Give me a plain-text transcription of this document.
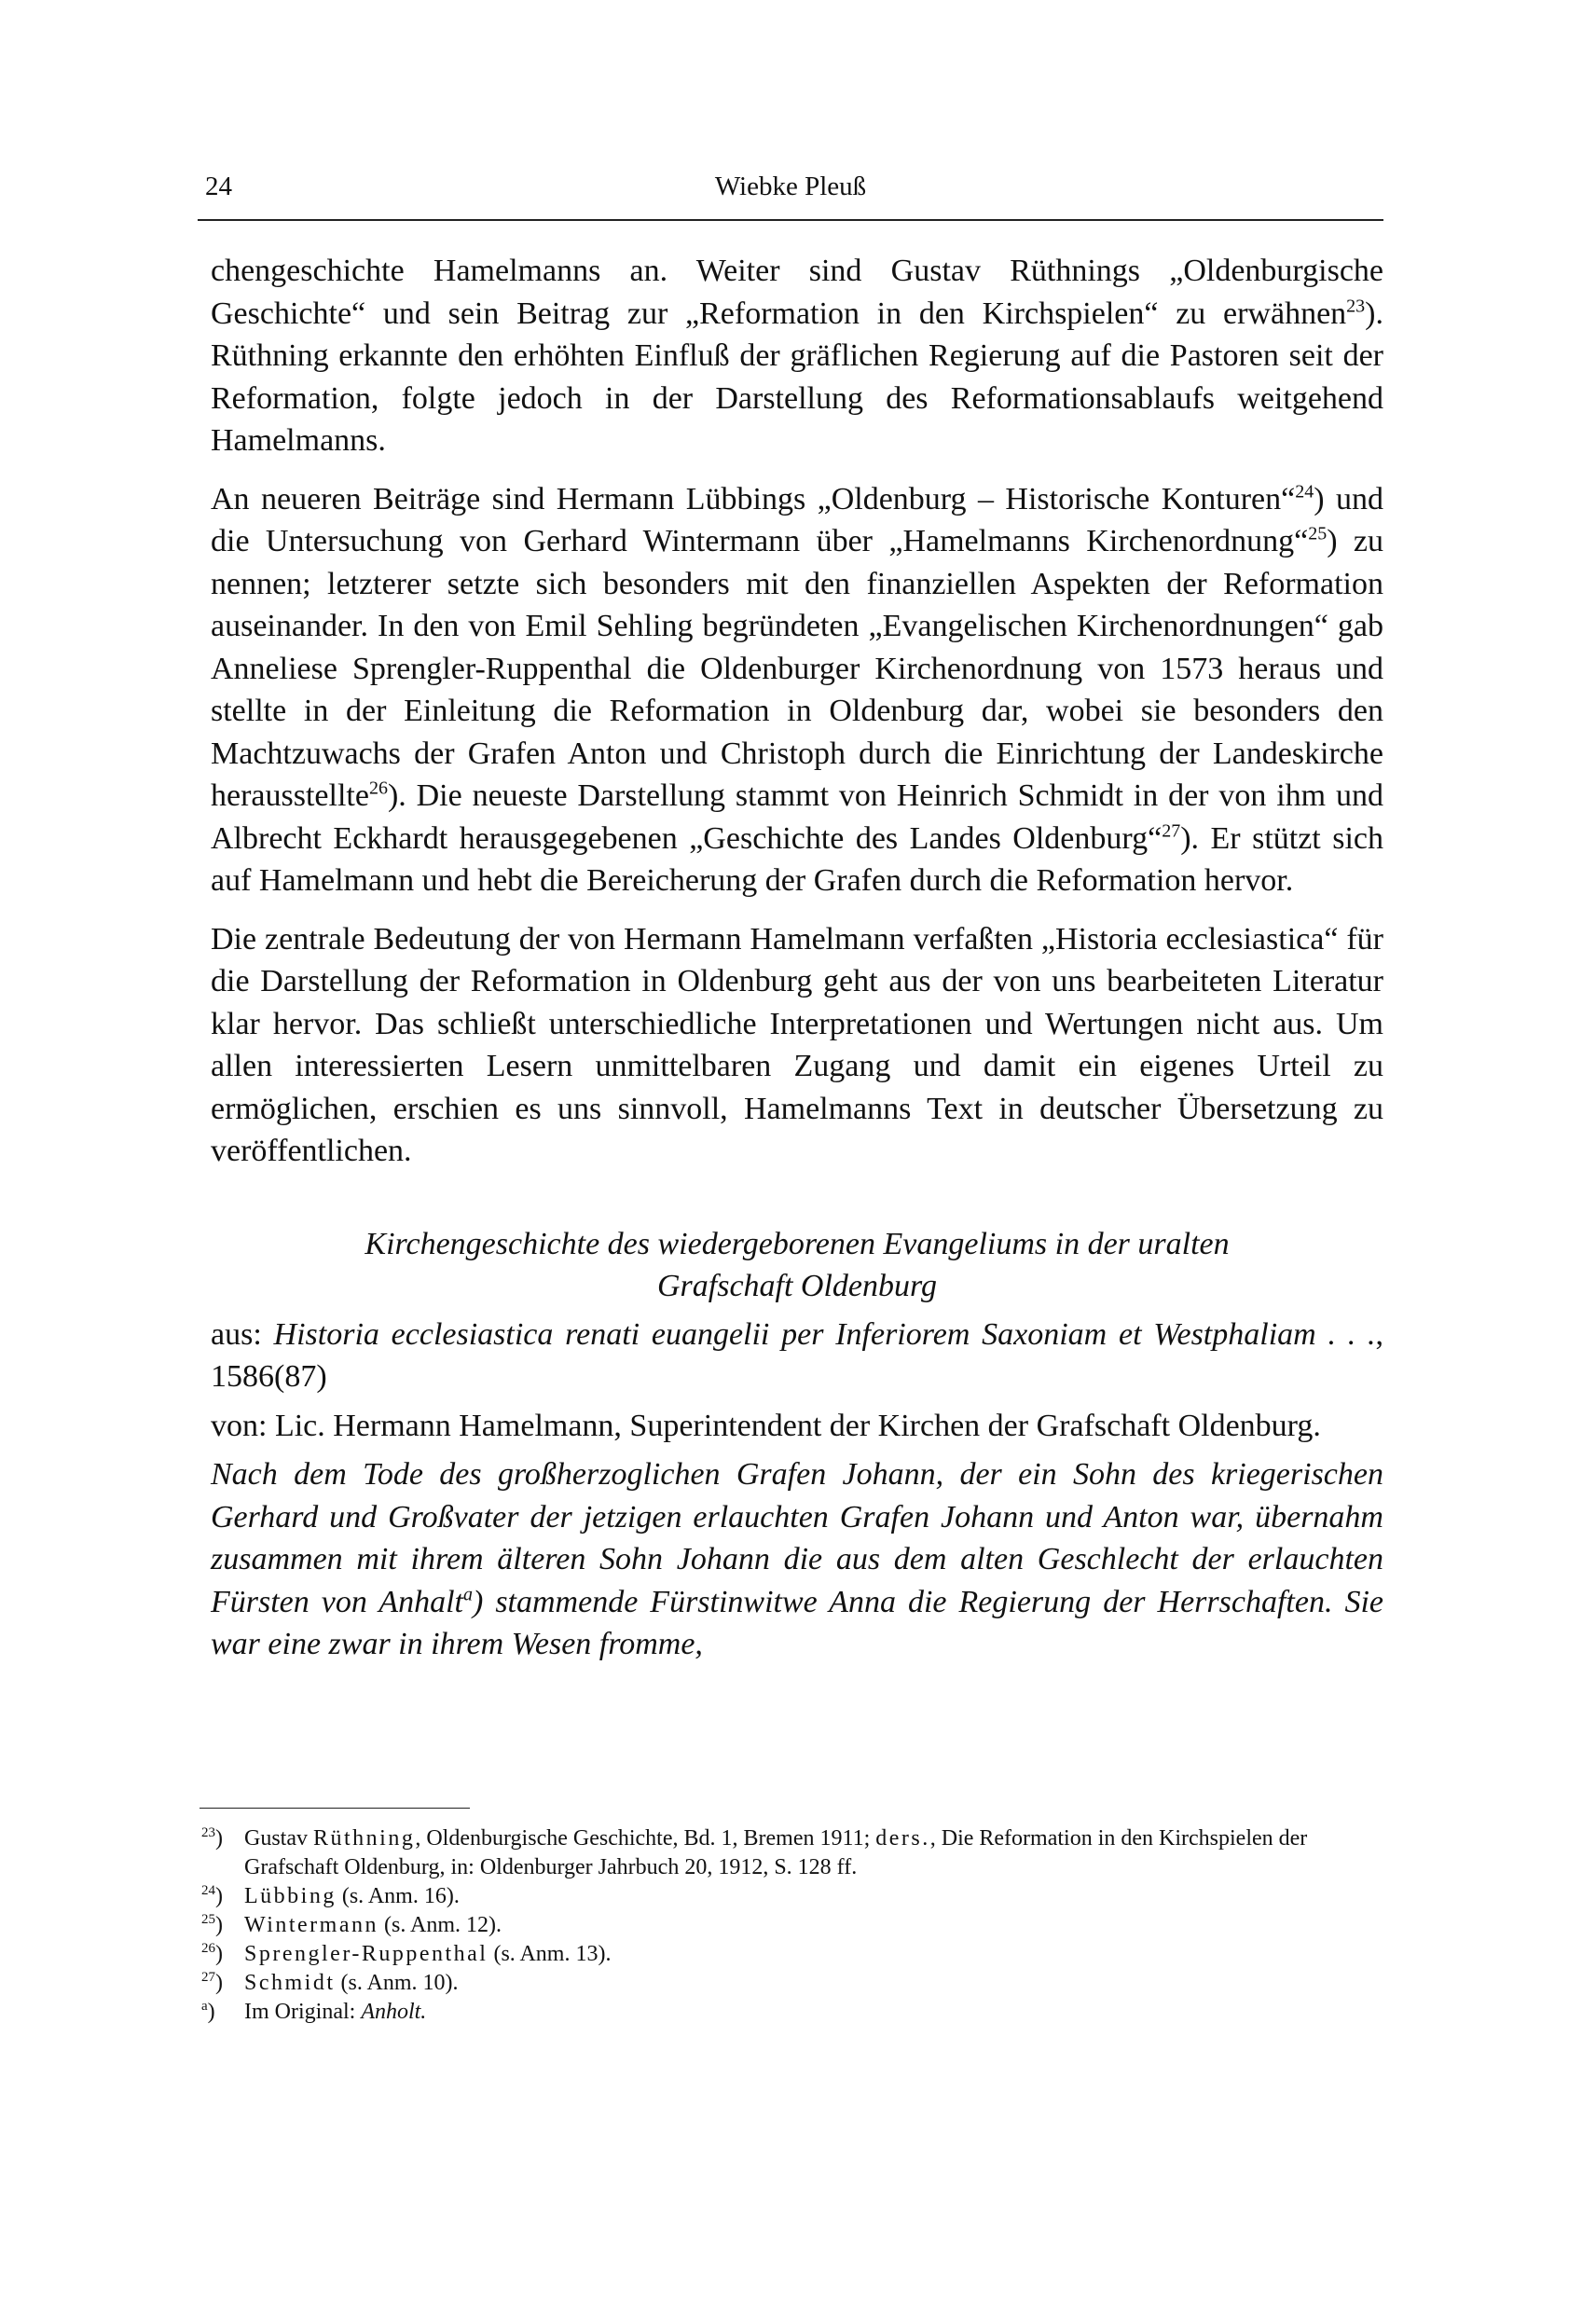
24	Wiebke Pleuß

chengeschichte Hamelmanns an. Weiter sind Gustav Rüthnings „Oldenburgische Geschichte“ und sein Beitrag zur „Reformation in den Kirchspielen“ zu erwähnen$^{23}$). Rüthning erkannte den erhöhten Einfluß der gräflichen Regierung auf die Pastoren seit der Reformation, folgte jedoch in der Darstellung des Reformationsablaufs weitgehend Hamelmanns.

An neueren Beiträge sind Hermann Lübbings „Oldenburg – Historische Konturen“$^{24}$) und die Untersuchung von Gerhard Wintermann über „Hamelmanns Kirchenordnung“$^{25}$) zu nennen; letzterer setzte sich besonders mit den finanziellen Aspekten der Reformation auseinander. In den von Emil Sehling begründeten „Evangelischen Kirchenordnungen“ gab Anneliese Sprengler-Ruppenthal die Oldenburger Kirchenordnung von 1573 heraus und stellte in der Einleitung die Reformation in Oldenburg dar, wobei sie besonders den Machtzuwachs der Grafen Anton und Christoph durch die Einrichtung der Landeskirche herausstellte$^{26}$). Die neueste Darstellung stammt von Heinrich Schmidt in der von ihm und Albrecht Eckhardt herausgegebenen „Geschichte des Landes Oldenburg“$^{27}$). Er stützt sich auf Hamelmann und hebt die Bereicherung der Grafen durch die Reformation hervor.

Die zentrale Bedeutung der von Hermann Hamelmann verfaßten „Historia ecclesiastica“ für die Darstellung der Reformation in Oldenburg geht aus der von uns bearbeiteten Literatur klar hervor. Das schließt unterschiedliche Interpretationen und Wertungen nicht aus. Um allen interessierten Lesern unmittelbaren Zugang und damit ein eigenes Urteil zu ermöglichen, erschien es uns sinnvoll, Hamelmanns Text in deutscher Übersetzung zu veröffentlichen.

Kirchengeschichte des wiedergeborenen Evangeliums in der uralten
Grafschaft Oldenburg

aus: Historia ecclesiastica renati euangelii per Inferiorem Saxoniam et Westphaliam . . ., 1586(87)

von: Lic. Hermann Hamelmann, Superintendent der Kirchen der Grafschaft Oldenburg.

Nach dem Tode des großherzoglichen Grafen Johann, der ein Sohn des kriegerischen Gerhard und Großvater der jetzigen erlauchten Grafen Johann und Anton war, übernahm zusammen mit ihrem älteren Sohn Johann die aus dem alten Geschlecht der erlauchten Fürsten von Anhalt$^a$) stammende Fürstinwitwe Anna die Regierung der Herrschaften. Sie war eine zwar in ihrem Wesen fromme,

$^{23}$) Gustav Rüthning, Oldenburgische Geschichte, Bd. 1, Bremen 1911; ders., Die Reformation in den Kirchspielen der Grafschaft Oldenburg, in: Oldenburger Jahrbuch 20, 1912, S. 128 ff.
$^{24}$) Lübbing (s. Anm. 16).
$^{25}$) Wintermann (s. Anm. 12).
$^{26}$) Sprengler-Ruppenthal (s. Anm. 13).
$^{27}$) Schmidt (s. Anm. 10).
$^a$)	Im Original: Anholt.
